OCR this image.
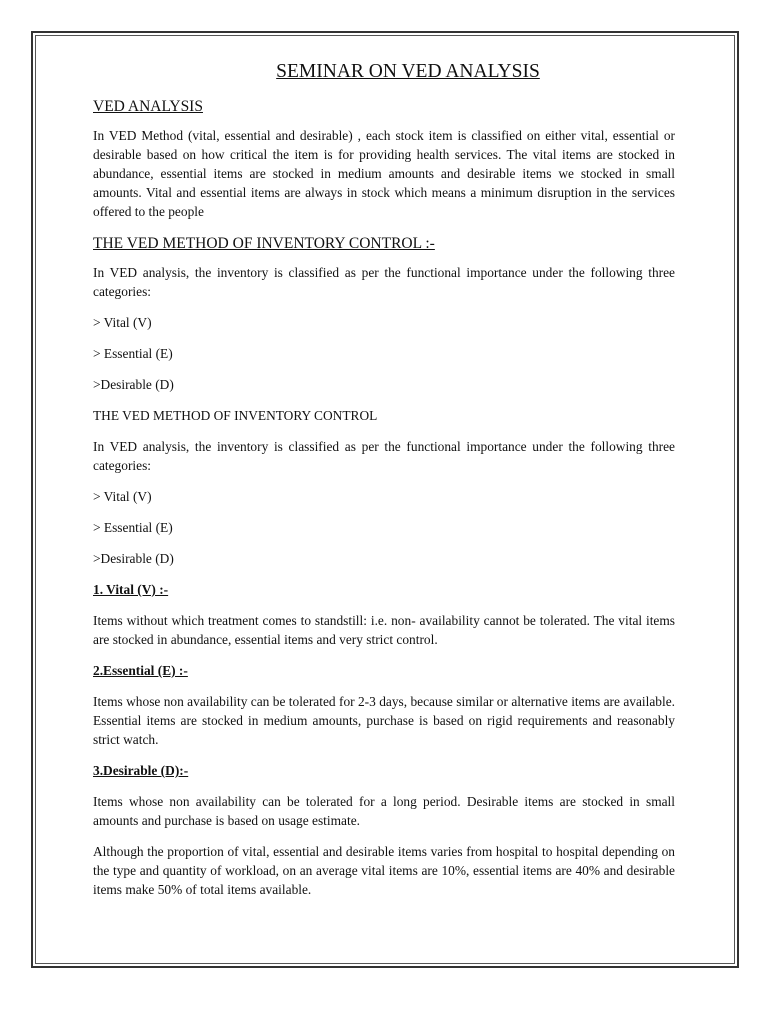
SEMINAR ON VED ANALYSIS
VED ANALYSIS

In VED Method (vital, essential and desirable) , each stock item is classified on either vital, essential or desirable based on how critical the item is for providing health services. The vital items are stocked in abundance, essential items are stocked in medium amounts and desirable items we stocked in small amounts. Vital and essential items are always in stock which means a minimum disruption in the services offered to the people

THE VED METHOD OF INVENTORY CONTROL :-

In VED analysis, the inventory is classified as per the functional importance under the following three categories:

> Vital (V)
> Essential (E)
>Desirable (D)
THE VED METHOD OF INVENTORY CONTROL

In VED analysis, the inventory is classified as per the functional importance under the following three categories:

> Vital (V)
> Essential (E)
>Desirable (D)
1. Vital (V) :-

Items without which treatment comes to standstill: i.e. non- availability cannot be tolerated. The vital items are stocked in abundance, essential items and very strict control.

2.Essential (E) :-

Items whose non availability can be tolerated for 2-3 days, because similar or alternative items are available. Essential items are stocked in medium amounts, purchase is based on rigid requirements and reasonably strict watch.

3.Desirable (D):-

Items whose non availability can be tolerated for a long period. Desirable items are stocked in small amounts and purchase is based on usage estimate.

Although the proportion of vital, essential and desirable items varies from hospital to hospital depending on the type and quantity of workload, on an average vital items are 10%, essential items are 40% and desirable items make 50% of total items available.
